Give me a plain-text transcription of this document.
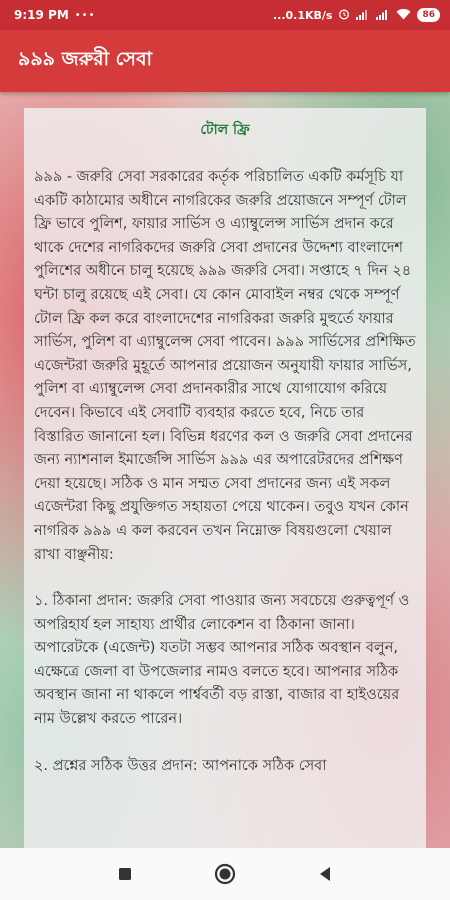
9:19 PM •••	...0.1KB/s	86
৯৯৯ জরুরী সেবা
টোল ফ্রি

৯৯৯ - জরুরি সেবা সরকারের কর্তৃক পরিচালিত একটি কর্মসূচি যা একটি কাঠামোর অধীনে নাগরিকের জরুরি প্রয়োজনে সম্পূর্ণ টোল ফ্রি ভাবে পুলিশ, ফায়ার সার্ভিস ও এ্যাম্বুলেন্স সার্ভিস প্রদান করে থাকে দেশের নাগরিকদের জরুরি সেবা প্রদানের উদ্দেশ্য বাংলাদেশ পুলিশের অধীনে চালু হয়েছে ৯৯৯ জরুরি সেবা। সপ্তাহে ৭ দিন ২৪ ঘন্টা চালু রয়েছে এই সেবা। যে কোন মোবাইল নম্বর থেকে সম্পূর্ণ টোল ফ্রি কল করে বাংলাদেশের নাগরিকরা জরুরি মুহুর্তে ফায়ার সার্ভিস, পুলিশ বা এ্যাম্বুলেন্স সেবা পাবেন। ৯৯৯ সার্ভিসের প্রশিক্ষিত এজেন্টরা জরুরি মুহূর্তে আপনার প্রয়োজন অনুযায়ী ফায়ার সার্ভিস, পুলিশ বা এ্যাম্বুলেন্স সেবা প্রদানকারীর সাথে যোগাযোগ করিয়ে দেবেন। কিভাবে এই সেবাটি ব্যবহার করতে হবে, নিচে তার বিস্তারিত জানানো হল। বিভিন্ন ধরণের কল ও জরুরি সেবা প্রদানের জন্য ন্যাশনাল ইমার্জেন্সি সার্ভিস ৯৯৯ এর অপারেটরদের প্রশিক্ষণ দেয়া হয়েছে। সঠিক ও মান সম্মত সেবা প্রদানের জন্য এই সকল এজেন্টরা কিছু প্রযুক্তিগত সহায়তা পেয়ে থাকেন। তবুও যখন কোন নাগরিক ৯৯৯ এ কল করবেন তখন নিম্নোক্ত বিষয়গুলো খেয়াল রাখা বাঞ্ছনীয়:

১. ঠিকানা প্রদান: জরুরি সেবা পাওয়ার জন্য সবচেয়ে গুরুত্বপূর্ণ ও অপরিহার্য হল সাহায্য প্রার্থীর লোকেশন বা ঠিকানা জানা। অপারেটকে (এজেন্ট) যতটা সম্ভব আপনার সঠিক অবস্থান বলুন, এক্ষেত্রে জেলা বা উপজেলার নামও বলতে হবে। আপনার সঠিক অবস্থান জানা না থাকলে পার্শ্ববর্তী বড় রাস্তা, বাজার বা হাইওয়ের নাম উল্লেখ করতে পারেন।

২. প্রশ্নের সঠিক উত্তর প্রদান: আপনাকে সঠিক সেবা
